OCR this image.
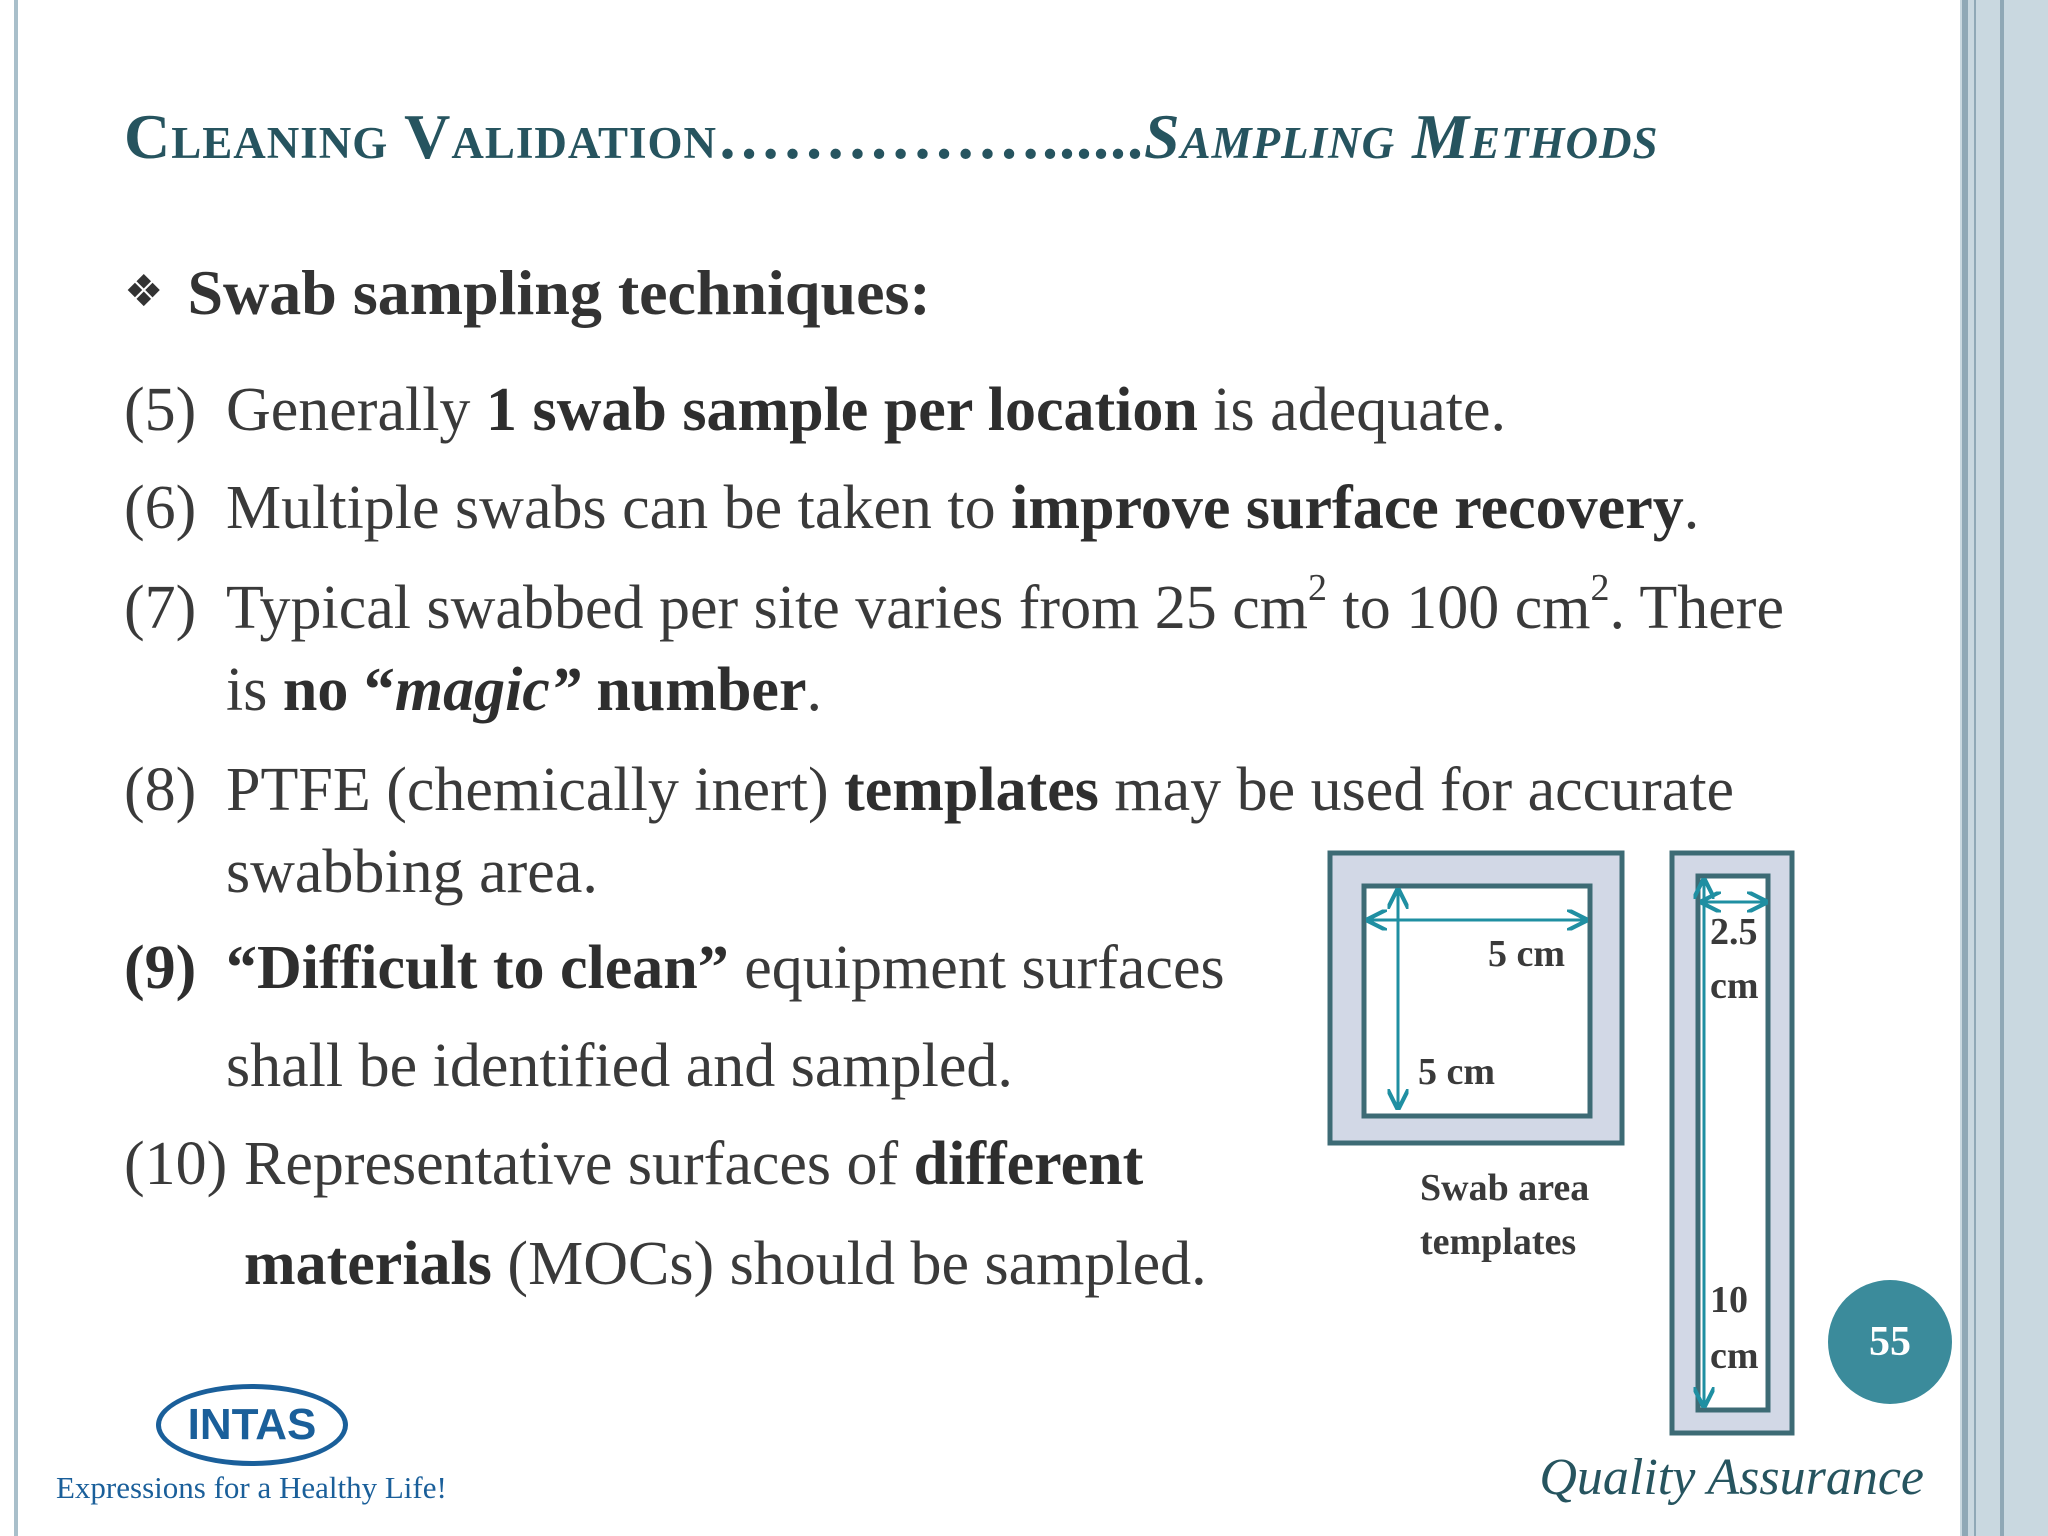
Cleaning Validation……………......Sampling Methods
❖ Swab sampling techniques:
(5) Generally 1 swab sample per location is adequate.
(6) Multiple swabs can be taken to improve surface recovery.
(7) Typical swabbed per site varies from 25 $cm^2$ to 100 $cm^2$. There
is no “magic” number.
(8) PTFE (chemically inert) templates may be used for accurate
swabbing area.
(9) “Difficult to clean” equipment surfaces
shall be identified and sampled.
(10) Representative surfaces of different
materials (MOCs) should be sampled.
5 cm
5 cm
Swab area
templates
2.5
cm
10
cm	55
INTAS
Expressions for a Healthy Life!	Quality Assurance
